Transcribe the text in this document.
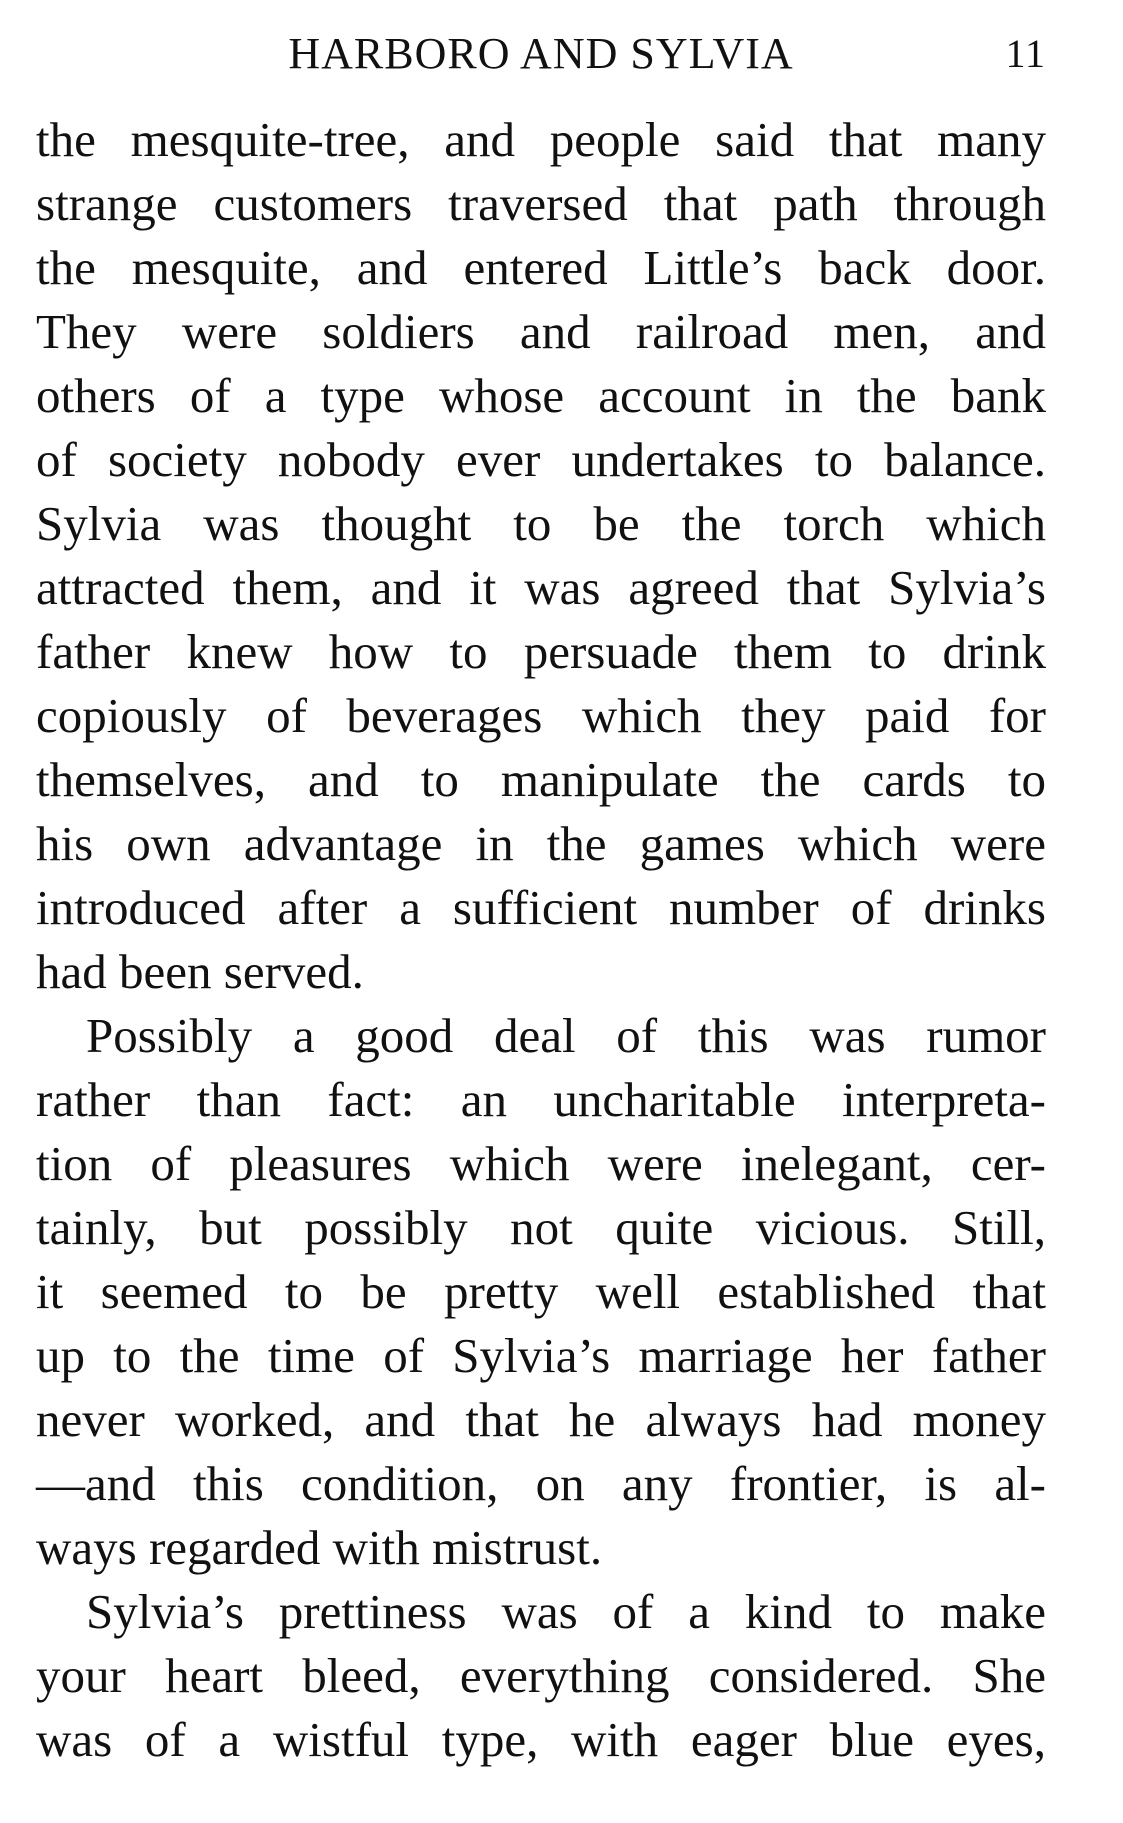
HARBORO AND SYLVIA	11
the mesquite-tree, and people said that many
strange customers traversed that path through
the mesquite, and entered Little’s back door.
They were soldiers and railroad men, and
others of a type whose account in the bank
of society nobody ever undertakes to balance.
Sylvia was thought to be the torch which
attracted them, and it was agreed that Sylvia’s
father knew how to persuade them to drink
copiously of beverages which they paid for
themselves, and to manipulate the cards to
his own advantage in the games which were
introduced after a sufficient number of drinks
had been served.
Possibly a good deal of this was rumor
rather than fact: an uncharitable interpreta-
tion of pleasures which were inelegant, cer-
tainly, but possibly not quite vicious. Still,
it seemed to be pretty well established that
up to the time of Sylvia’s marriage her father
never worked, and that he always had money
—and this condition, on any frontier, is al-
ways regarded with mistrust.
Sylvia’s prettiness was of a kind to make
your heart bleed, everything considered. She
was of a wistful type, with eager blue eyes,
